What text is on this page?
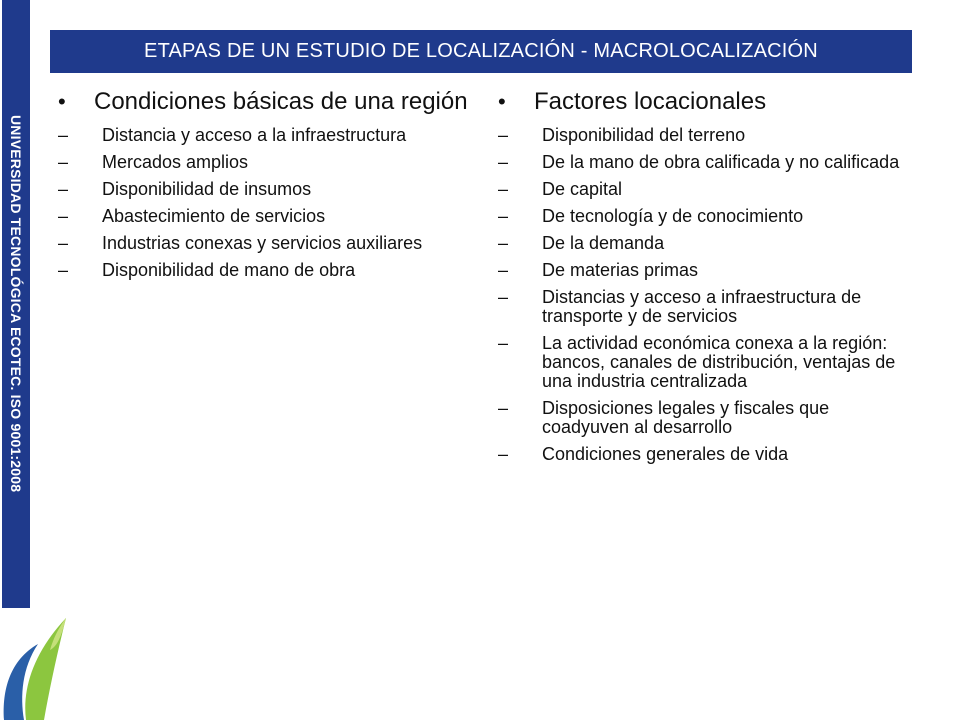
UNIVERSIDAD TECNOLÓGICA ECOTEC. ISO 9001:2008
ETAPAS DE UN ESTUDIO DE LOCALIZACIÓN - MACROLOCALIZACIÓN
•	Condiciones básicas de una región
–	Distancia y acceso a la infraestructura
–	Mercados amplios
–	Disponibilidad de insumos
–	Abastecimiento de servicios
–	Industrias conexas y servicios auxiliares
–	Disponibilidad de mano de obra
•	Factores locacionales
–	Disponibilidad del terreno
–	De la mano de obra calificada y no calificada
–	De capital
–	De tecnología y de conocimiento
–	De la demanda
–	De materias primas
–	Distancias y acceso a infraestructura de transporte y de servicios
–	La actividad económica conexa a la región: bancos, canales de distribución, ventajas de una industria centralizada
–	Disposiciones legales y fiscales que coadyuven al desarrollo
–	Condiciones generales de vida
